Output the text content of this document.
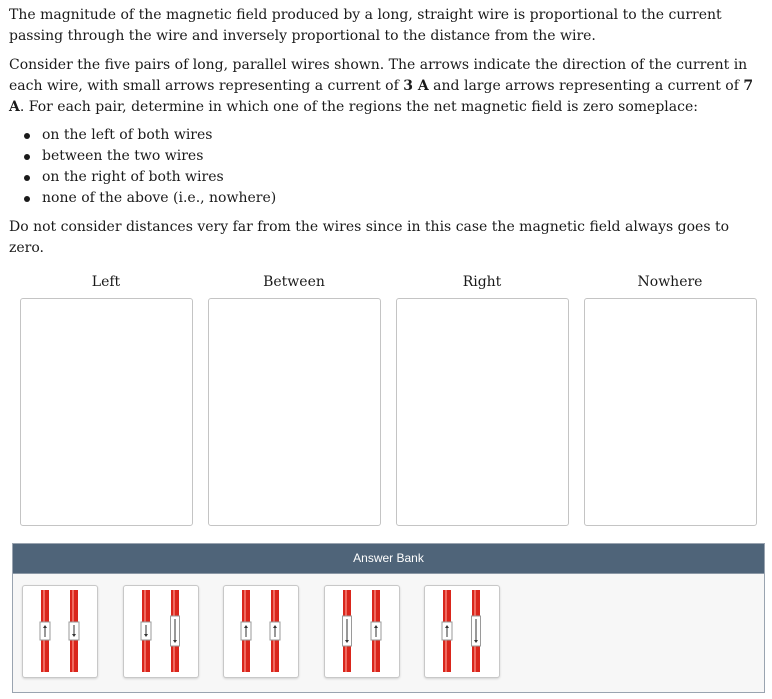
The magnitude of the magnetic field produced by a long, straight wire is proportional to the current passing through the wire and inversely proportional to the distance from the wire.

Consider the five pairs of long, parallel wires shown. The arrows indicate the direction of the current in each wire, with small arrows representing a current of 3 A and large arrows representing a current of 7 A. For each pair, determine in which one of the regions the net magnetic field is zero someplace:

on the left of both wires
between the two wires
on the right of both wires
none of the above (i.e., nowhere)

Do not consider distances very far from the wires since in this case the magnetic field always goes to zero.

Left	Between	Right	Nowhere
Answer Bank
